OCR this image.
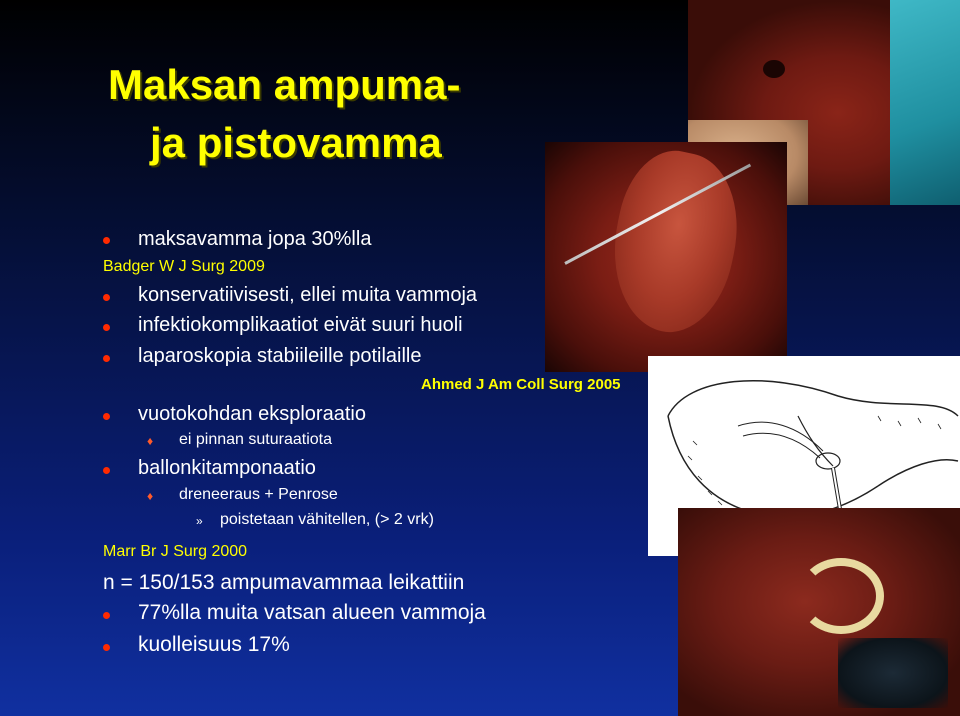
Maksan ampuma-
ja pistovamma
maksavamma jopa 30%lla
Badger W J Surg 2009
konservatiivisesti, ellei muita vammoja
infektiokomplikaatiot eivät suuri huoli
laparoskopia stabiileille potilaille
Ahmed J Am Coll Surg 2005
vuotokohdan eksploraatio
♦ ei pinnan suturaatiota
ballonkitamponaatio
♦ dreneeraus + Penrose
» poistetaan vähitellen, (> 2 vrk)
Marr Br J Surg 2000
n = 150/153 ampumavammaa leikattiin
77%lla muita vatsan alueen vammoja
kuolleisuus 17%
